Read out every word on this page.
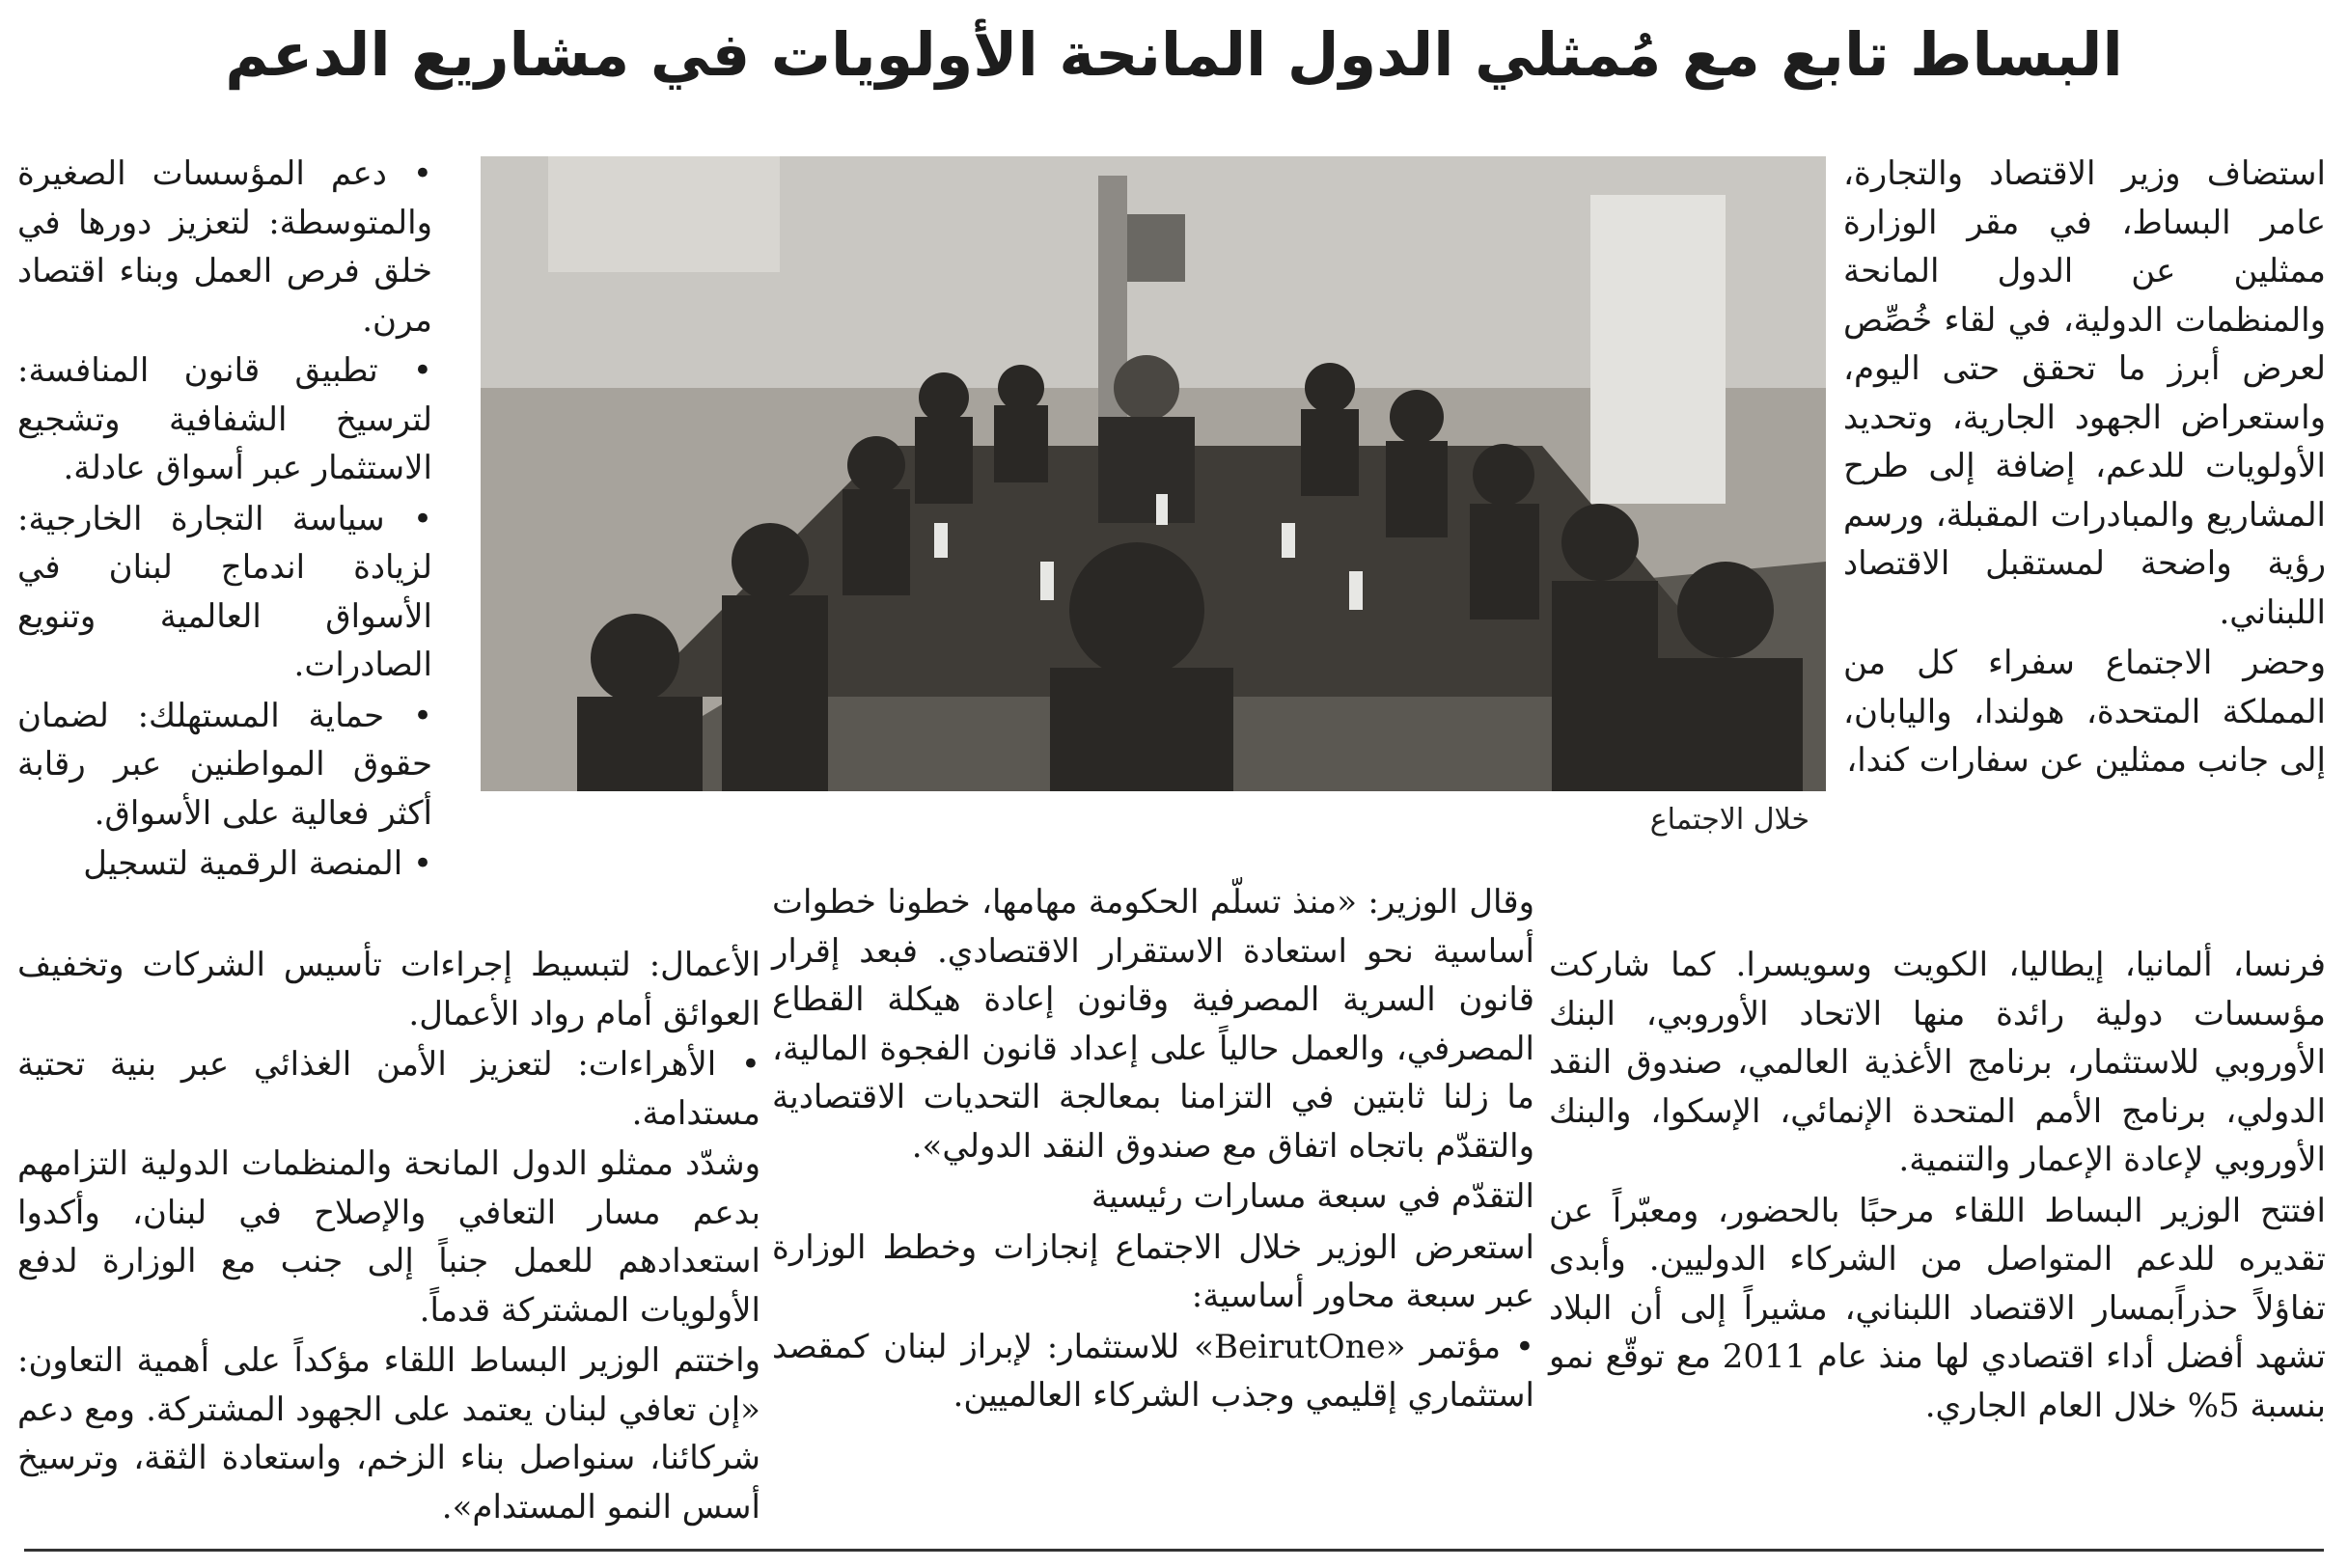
البساط تابع مع مُمثلي الدول المانحة الأولويات في مشاريع الدعم

استضاف وزير الاقتصاد والتجارة، عامر البساط، في مقر الوزارة ممثلين عن الدول المانحة والمنظمات الدولية، في لقاء خُصِّص لعرض أبرز ما تحقق حتى اليوم، واستعراض الجهود الجارية، وتحديد الأولويات للدعم، إضافة إلى طرح المشاريع والمبادرات المقبلة، ورسم رؤية واضحة لمستقبل الاقتصاد اللبناني.

وحضر الاجتماع سفراء كل من المملكة المتحدة، هولندا، واليابان، إلى جانب ممثلين عن سفارات كندا،

خلال الاجتماع

• دعم المؤسسات الصغيرة والمتوسطة: لتعزيز دورها في خلق فرص العمل وبناء اقتصاد مرن.

• تطبيق قانون المنافسة: لترسيخ الشفافية وتشجيع الاستثمار عبر أسواق عادلة.

• سياسة التجارة الخارجية: لزيادة اندماج لبنان في الأسواق العالمية وتنويع الصادرات.

• حماية المستهلك: لضمان حقوق المواطنين عبر رقابة أكثر فعالية على الأسواق.

• المنصة الرقمية لتسجيل

فرنسا، ألمانيا، إيطاليا، الكويت وسويسرا. كما شاركت مؤسسات دولية رائدة منها الاتحاد الأوروبي، البنك الأوروبي للاستثمار، برنامج الأغذية العالمي، صندوق النقد الدولي، برنامج الأمم المتحدة الإنمائي، الإسكوا، والبنك الأوروبي لإعادة الإعمار والتنمية.

افتتح الوزير البساط اللقاء مرحبًا بالحضور، ومعبّراً عن تقديره للدعم المتواصل من الشركاء الدوليين. وأبدى تفاؤلاً حذراًبمسار الاقتصاد اللبناني، مشيراً إلى أن البلاد تشهد أفضل أداء اقتصادي لها منذ عام 2011 مع توقّع نمو بنسبة 5% خلال العام الجاري.

وقال الوزير: «منذ تسلّم الحكومة مهامها، خطونا خطوات أساسية نحو استعادة الاستقرار الاقتصادي. فبعد إقرار قانون السرية المصرفية وقانون إعادة هيكلة القطاع المصرفي، والعمل حالياً على إعداد قانون الفجوة المالية، ما زلنا ثابتين في التزامنا بمعالجة التحديات الاقتصادية والتقدّم باتجاه اتفاق مع صندوق النقد الدولي».

التقدّم في سبعة مسارات رئيسية

استعرض الوزير خلال الاجتماع إنجازات وخطط الوزارة عبر سبعة محاور أساسية:

• مؤتمر «BeirutOne» للاستثمار: لإبراز لبنان كمقصد استثماري إقليمي وجذب الشركاء العالميين.

الأعمال: لتبسيط إجراءات تأسيس الشركات وتخفيف العوائق أمام رواد الأعمال.

• الأهراءات: لتعزيز الأمن الغذائي عبر بنية تحتية مستدامة.

وشدّد ممثلو الدول المانحة والمنظمات الدولية التزامهم بدعم مسار التعافي والإصلاح في لبنان، وأكدوا استعدادهم للعمل جنباً إلى جنب مع الوزارة لدفع الأولويات المشتركة قدماً.

واختتم الوزير البساط اللقاء مؤكداً على أهمية التعاون: «إن تعافي لبنان يعتمد على الجهود المشتركة. ومع دعم شركائنا، سنواصل بناء الزخم، واستعادة الثقة، وترسيخ أسس النمو المستدام».
